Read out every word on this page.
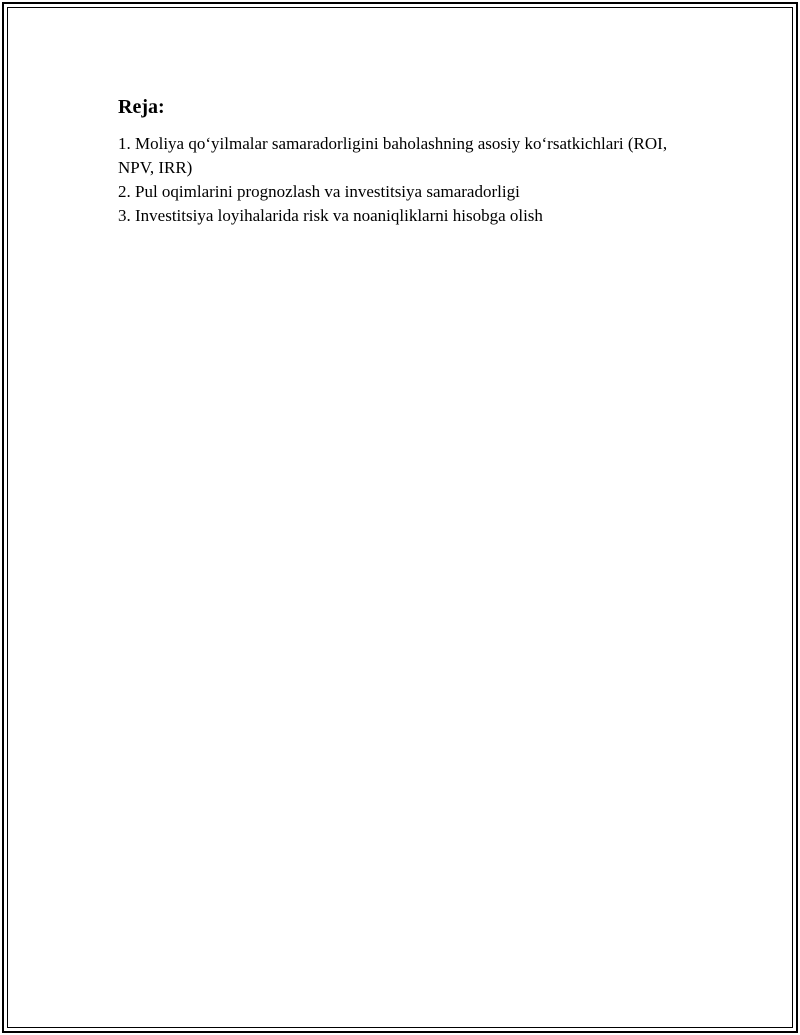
Reja:
1. Moliya qo‘yilmalar samaradorligini baholashning asosiy ko‘rsatkichlari (ROI, NPV, IRR)
2. Pul oqimlarini prognozlash va investitsiya samaradorligi
3. Investitsiya loyihalarida risk va noaniqliklarni hisobga olish
